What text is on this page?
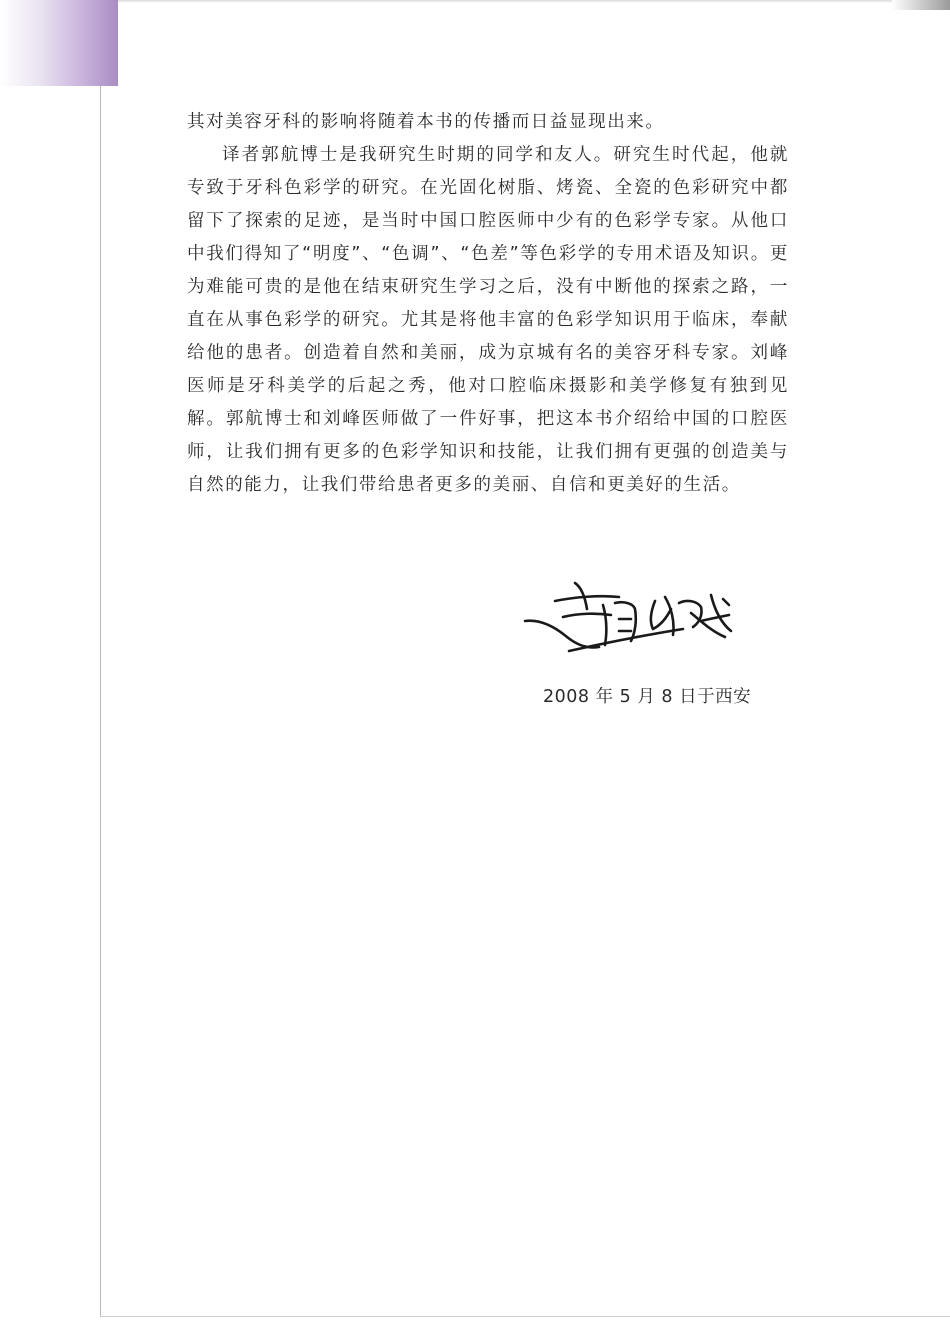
其对美容牙科的影响将随着本书的传播而日益显现出来。

译者郭航博士是我研究生时期的同学和友人。研究生时代起，他就专致于牙科色彩学的研究。在光固化树脂、烤瓷、全瓷的色彩研究中都留下了探索的足迹，是当时中国口腔医师中少有的色彩学专家。从他口中我们得知了“明度”、“色调”、“色差”等色彩学的专用术语及知识。更为难能可贵的是他在结束研究生学习之后，没有中断他的探索之路，一直在从事色彩学的研究。尤其是将他丰富的色彩学知识用于临床，奉献给他的患者。创造着自然和美丽，成为京城有名的美容牙科专家。刘峰医师是牙科美学的后起之秀，他对口腔临床摄影和美学修复有独到见解。郭航博士和刘峰医师做了一件好事，把这本书介绍给中国的口腔医师，让我们拥有更多的色彩学知识和技能，让我们拥有更强的创造美与自然的能力，让我们带给患者更多的美丽、自信和更美好的生活。

2008 年 5 月 8 日于西安
